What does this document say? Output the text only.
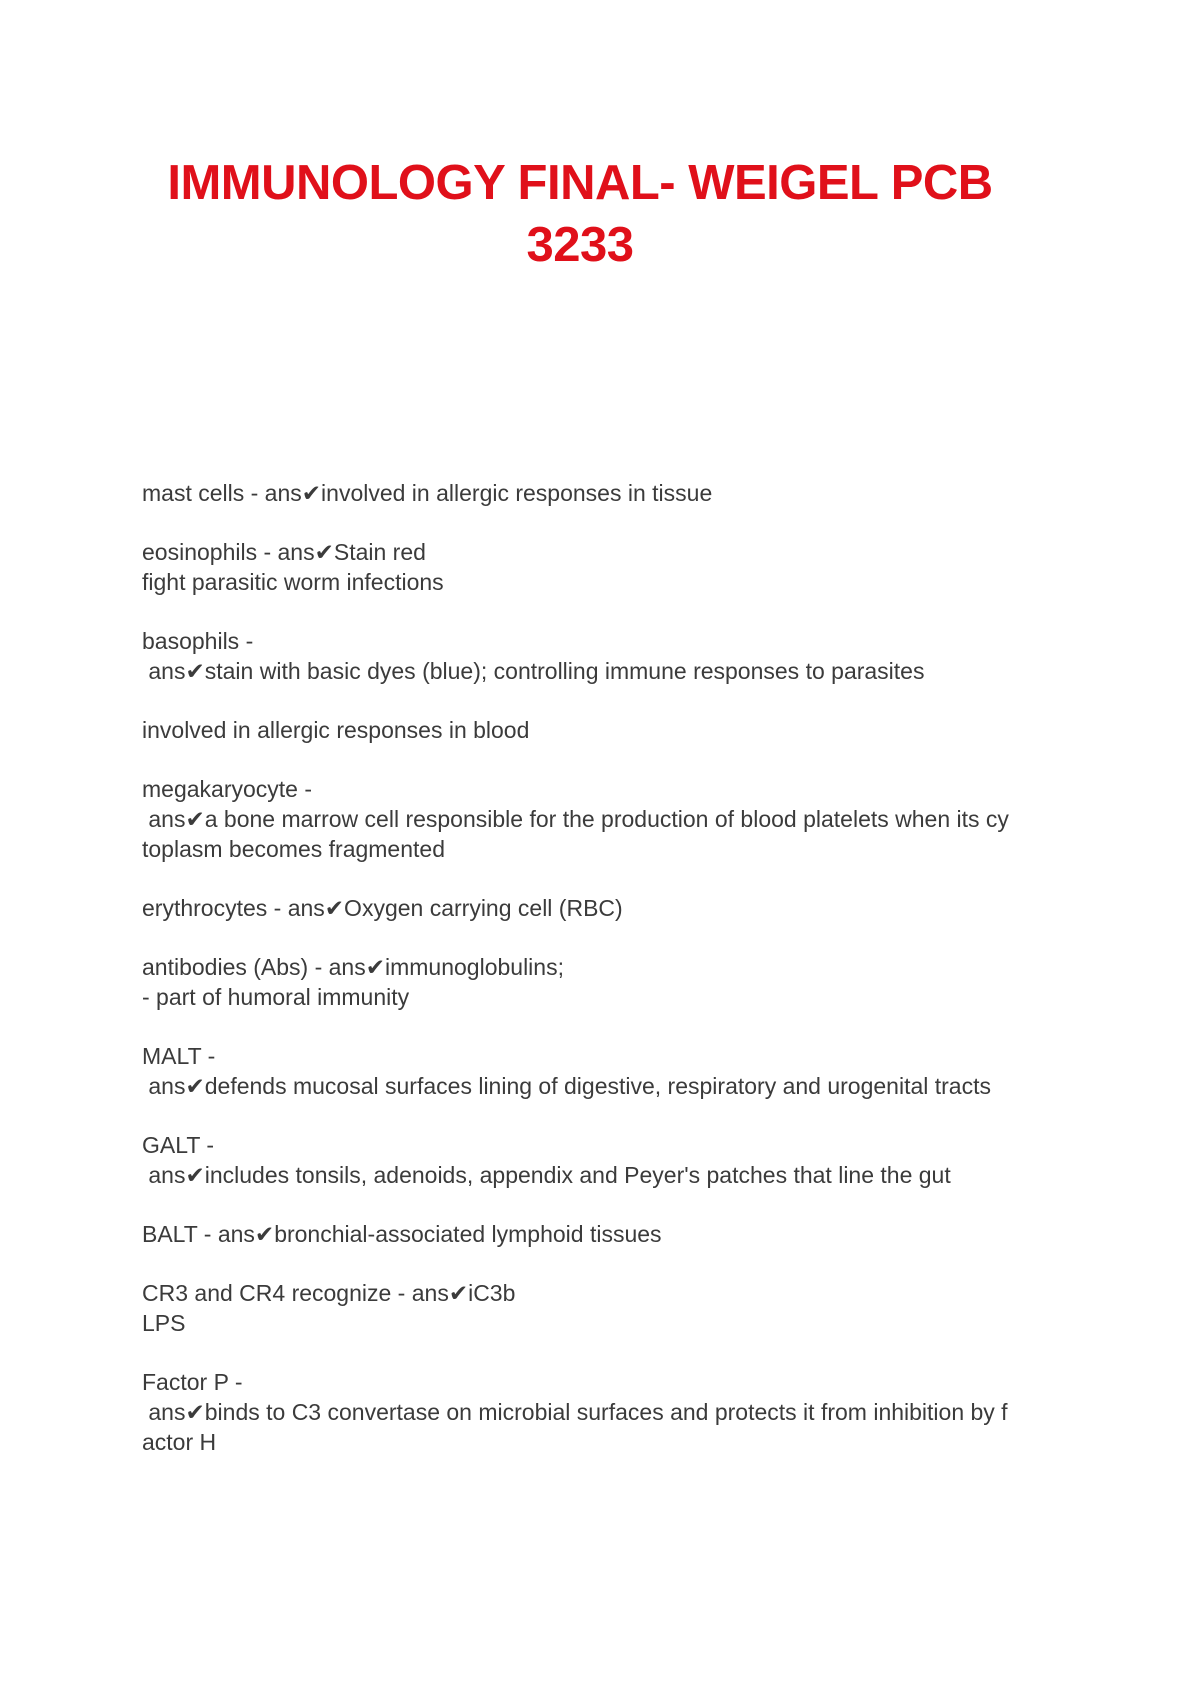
IMMUNOLOGY FINAL- WEIGEL PCB
3233
mast cells - ans✔involved in allergic responses in tissue
eosinophils - ans✔Stain red
fight parasitic worm infections
basophils -
ans✔stain with basic dyes (blue); controlling immune responses to parasites
involved in allergic responses in blood
megakaryocyte -
ans✔a bone marrow cell responsible for the production of blood platelets when its cy
toplasm becomes fragmented
erythrocytes - ans✔Oxygen carrying cell (RBC)
antibodies (Abs) - ans✔immunoglobulins;
- part of humoral immunity
MALT -
ans✔defends mucosal surfaces lining of digestive, respiratory and urogenital tracts
GALT -
ans✔includes tonsils, adenoids, appendix and Peyer's patches that line the gut
BALT - ans✔bronchial-associated lymphoid tissues
CR3 and CR4 recognize - ans✔iC3b
LPS
Factor P -
ans✔binds to C3 convertase on microbial surfaces and protects it from inhibition by f
actor H
